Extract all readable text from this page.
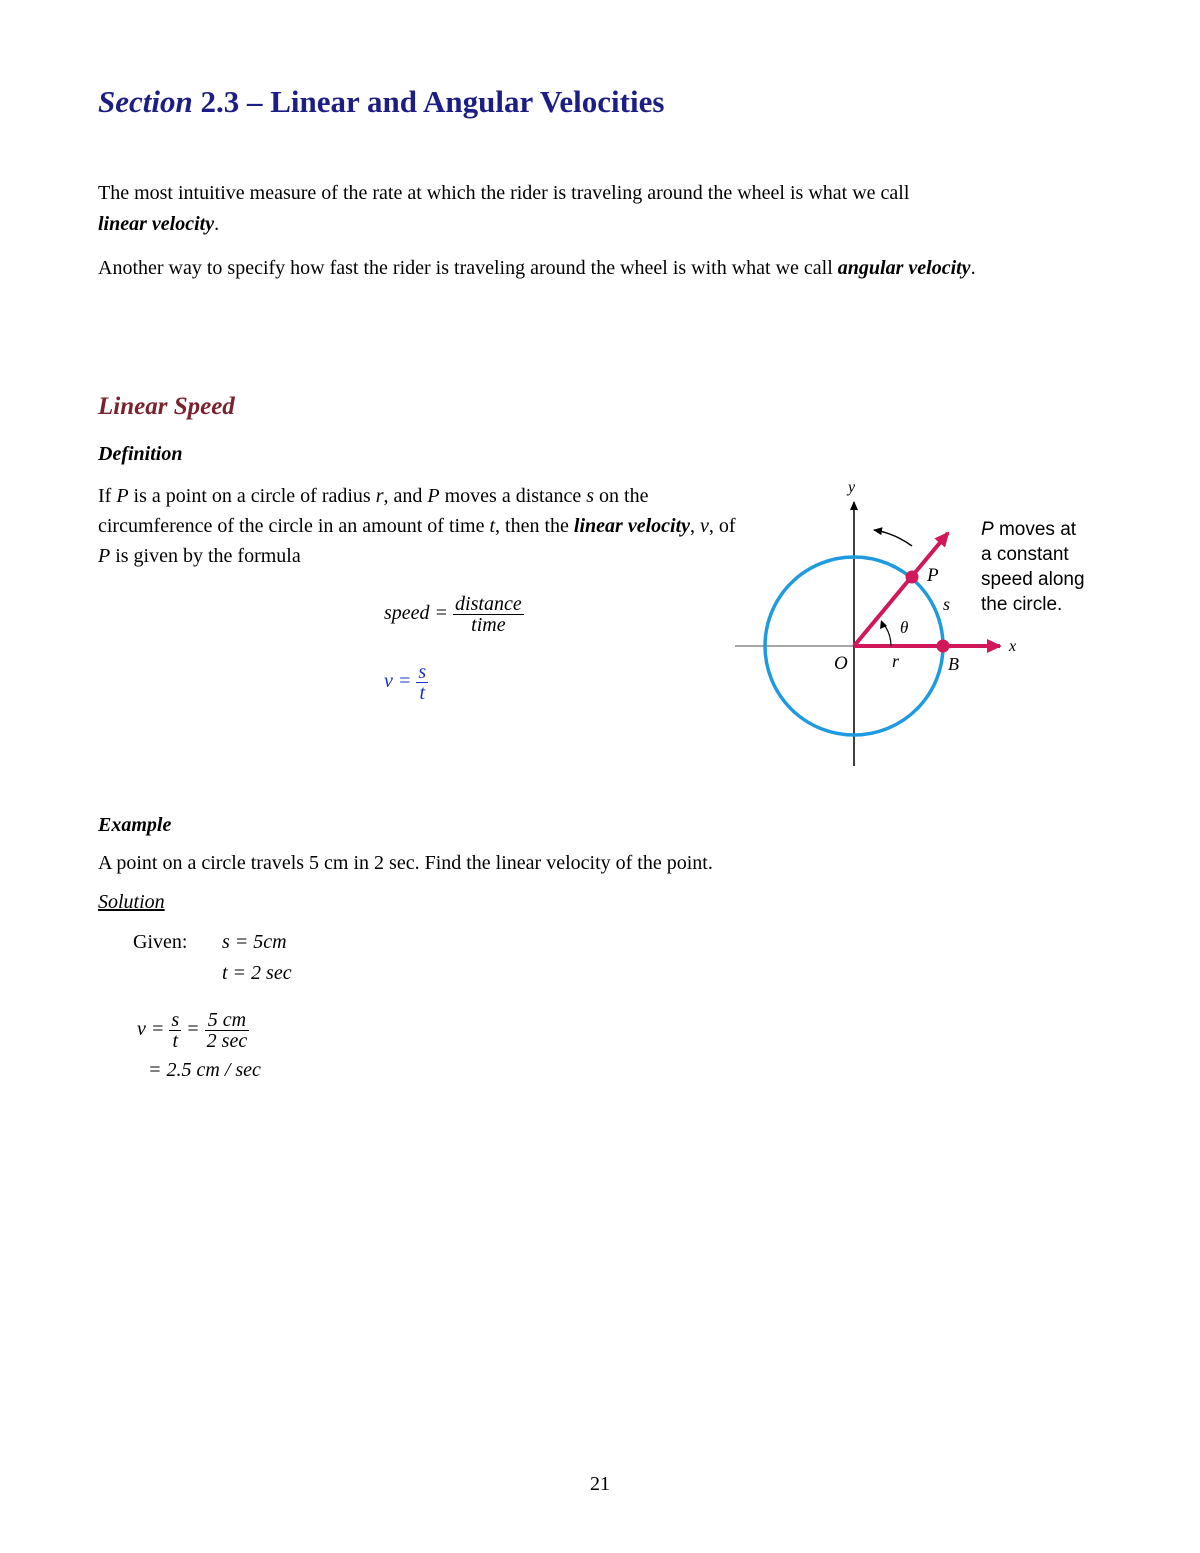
Section 2.3 – Linear and Angular Velocities
The most intuitive measure of the rate at which the rider is traveling around the wheel is what we call
linear velocity.
Another way to specify how fast the rider is traveling around the wheel is with what we call angular velocity.
Linear Speed
Definition
If P is a point on a circle of radius r, and P moves a distance s on the circumference of the circle in an amount of time t, then the linear velocity, v, of P is given by the formula
speed = $\frac{\text{distance}}{\text{time}}$
$v = \frac{s}{t}$
y
x
P
s
θ
O r	B
P moves at
a constant
speed along
the circle.
Example
A point on a circle travels 5 cm in 2 sec. Find the linear velocity of the point.
Solution
Given: s = 5cm
t = 2 sec
$v = \frac{s}{t} = \frac{5 cm}{2 \sec}$
= 2.5 cm / sec
21
